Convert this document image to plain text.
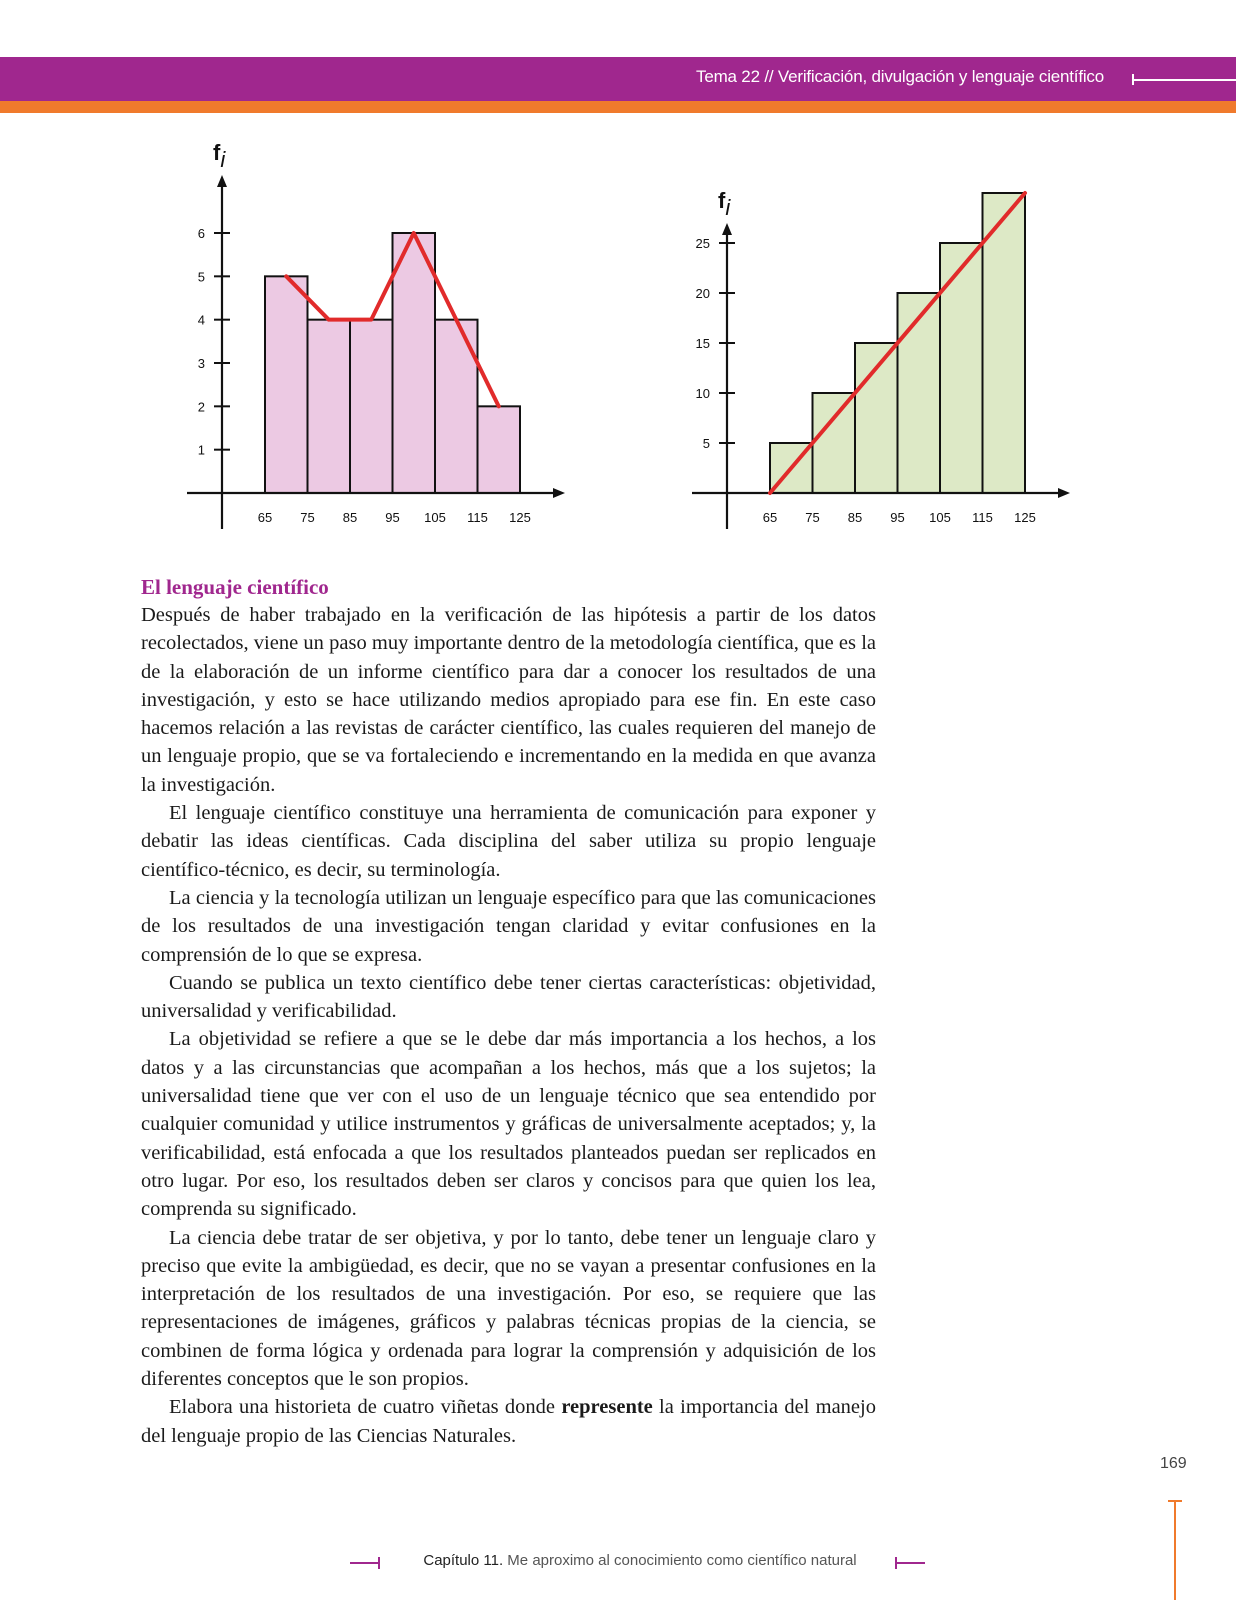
Tema 22 // Verificación, divulgación y lenguaje científico
1
2
3
4
5
6
65 75 85 95 105 115 125
fi
5
10
15
20
25
65 75 85 95 105 115 125
fi
El lenguaje científico

Después de haber trabajado en la verificación de las hipótesis a partir de los datos recolectados, viene un paso muy importante dentro de la metodología científica, que es la de la elaboración de un informe científico para dar a conocer los resultados de una investigación, y esto se hace utilizando medios apropiado para ese fin. En este caso hacemos relación a las revistas de carácter científico, las cuales requieren del manejo de un lenguaje propio, que se va fortaleciendo e incrementando en la medida en que avanza la investigación.

El lenguaje científico constituye una herramienta de comunicación para exponer y debatir las ideas científicas. Cada disciplina del saber utiliza su propio lenguaje científico-técnico, es decir, su terminología.

La ciencia y la tecnología utilizan un lenguaje específico para que las comunicaciones de los resultados de una investigación tengan claridad y evitar confusiones en la comprensión de lo que se expresa.

Cuando se publica un texto científico debe tener ciertas características: objetividad, universalidad y verificabilidad.

La objetividad se refiere a que se le debe dar más importancia a los hechos, a los datos y a las circunstancias que acompañan a los hechos, más que a los sujetos; la universalidad tiene que ver con el uso de un lenguaje técnico que sea entendido por cualquier comunidad y utilice instrumentos y gráficas de universalmente aceptados; y, la verificabilidad, está enfocada a que los resultados planteados puedan ser replicados en otro lugar. Por eso, los resultados deben ser claros y concisos para que quien los lea, comprenda su significado.

La ciencia debe tratar de ser objetiva, y por lo tanto, debe tener un lenguaje claro y preciso que evite la ambigüedad, es decir, que no se vayan a presentar confusiones en la interpretación de los resultados de una investigación. Por eso, se requiere que las representaciones de imágenes, gráficos y palabras técnicas propias de la ciencia, se combinen de forma lógica y ordenada para lograr la comprensión y adquisición de los diferentes conceptos que le son propios.

Elabora una historieta de cuatro viñetas donde represente la importancia del manejo del lenguaje propio de las Ciencias Naturales.

169
Capítulo 11. Me aproximo al conocimiento como científico natural
